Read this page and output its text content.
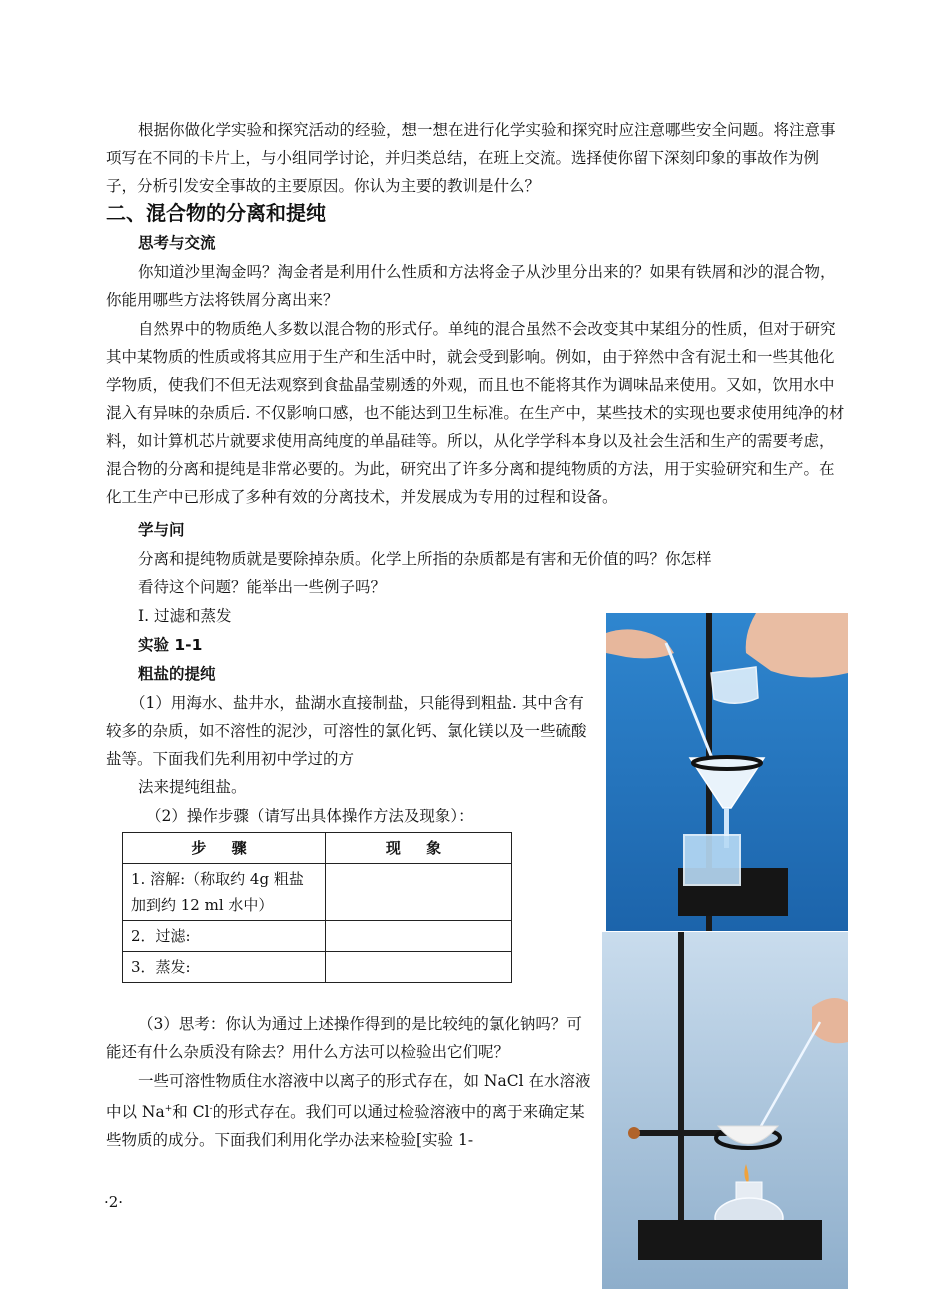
根据你做化学实验和探究活动的经验，想一想在进行化学实验和探究时应注意哪些安全问题。将注意事项写在不同的卡片上，与小组同学讨论，并归类总结，在班上交流。选择使你留下深刻印象的事故作为例子，分析引发安全事故的主要原因。你认为主要的教训是什么？

二、混合物的分离和提纯

思考与交流

你知道沙里淘金吗？淘金者是利用什么性质和方法将金子从沙里分出来的？如果有铁屑和沙的混合物，你能用哪些方法将铁屑分离出来？

自然界中的物质绝人多数以混合物的形式仔。单纯的混合虽然不会改变其中某组分的性质，但对于研究其中某物质的性质或将其应用于生产和生活中时，就会受到影响。例如，由于猝然中含有泥土和一些其他化学物质，使我们不但无法观察到食盐晶莹剔透的外观，而且也不能将其作为调味品来使用。又如，饮用水中混入有异味的杂质后. 不仅影响口感，也不能达到卫生标准。在生产中，某些技术的实现也要求使用纯净的材料，如计算机芯片就要求使用高纯度的单晶硅等。所以，从化学学科本身以及社会生活和生产的需要考虑，混合物的分离和提纯是非常必要的。为此，研究出了许多分离和提纯物质的方法，用于实验研究和生产。在化工生产中已形成了多种有效的分离技术，并发展成为专用的过程和设备。

学与问

分离和提纯物质就是要除掉杂质。化学上所指的杂质都是有害和无价值的吗？你怎样

看待这个问题？能举出一些例子吗？

I. 过滤和蒸发

实验 1-1

粗盐的提纯

（1）用海水、盐井水，盐湖水直接制盐，只能得到粗盐. 其中含有较多的杂质，如不溶性的泥沙，可溶性的氯化钙、氯化镁以及一些硫酸盐等。下面我们先利用初中学过的方

法来提纯组盐。

（2）操作步骤（请写出具体操作方法及现象）：

步 骤	现 象
1. 溶解:（称取约 4g 粗盐加到约 12 ml 水中）	
2．过滤:	
3．蒸发:	

（3）思考：你认为通过上述操作得到的是比较纯的氯化钠吗？可能还有什么杂质没有除去？用什么方法可以检验出它们呢？

一些可溶性物质住水溶液中以离子的形式存在，如 NaCl 在水溶液中以 Na+和 Cl-的形式存在。我们可以通过检验溶液中的离于来确定某些物质的成分。下面我们利用化学办法来检验[实验 1-

·2·
